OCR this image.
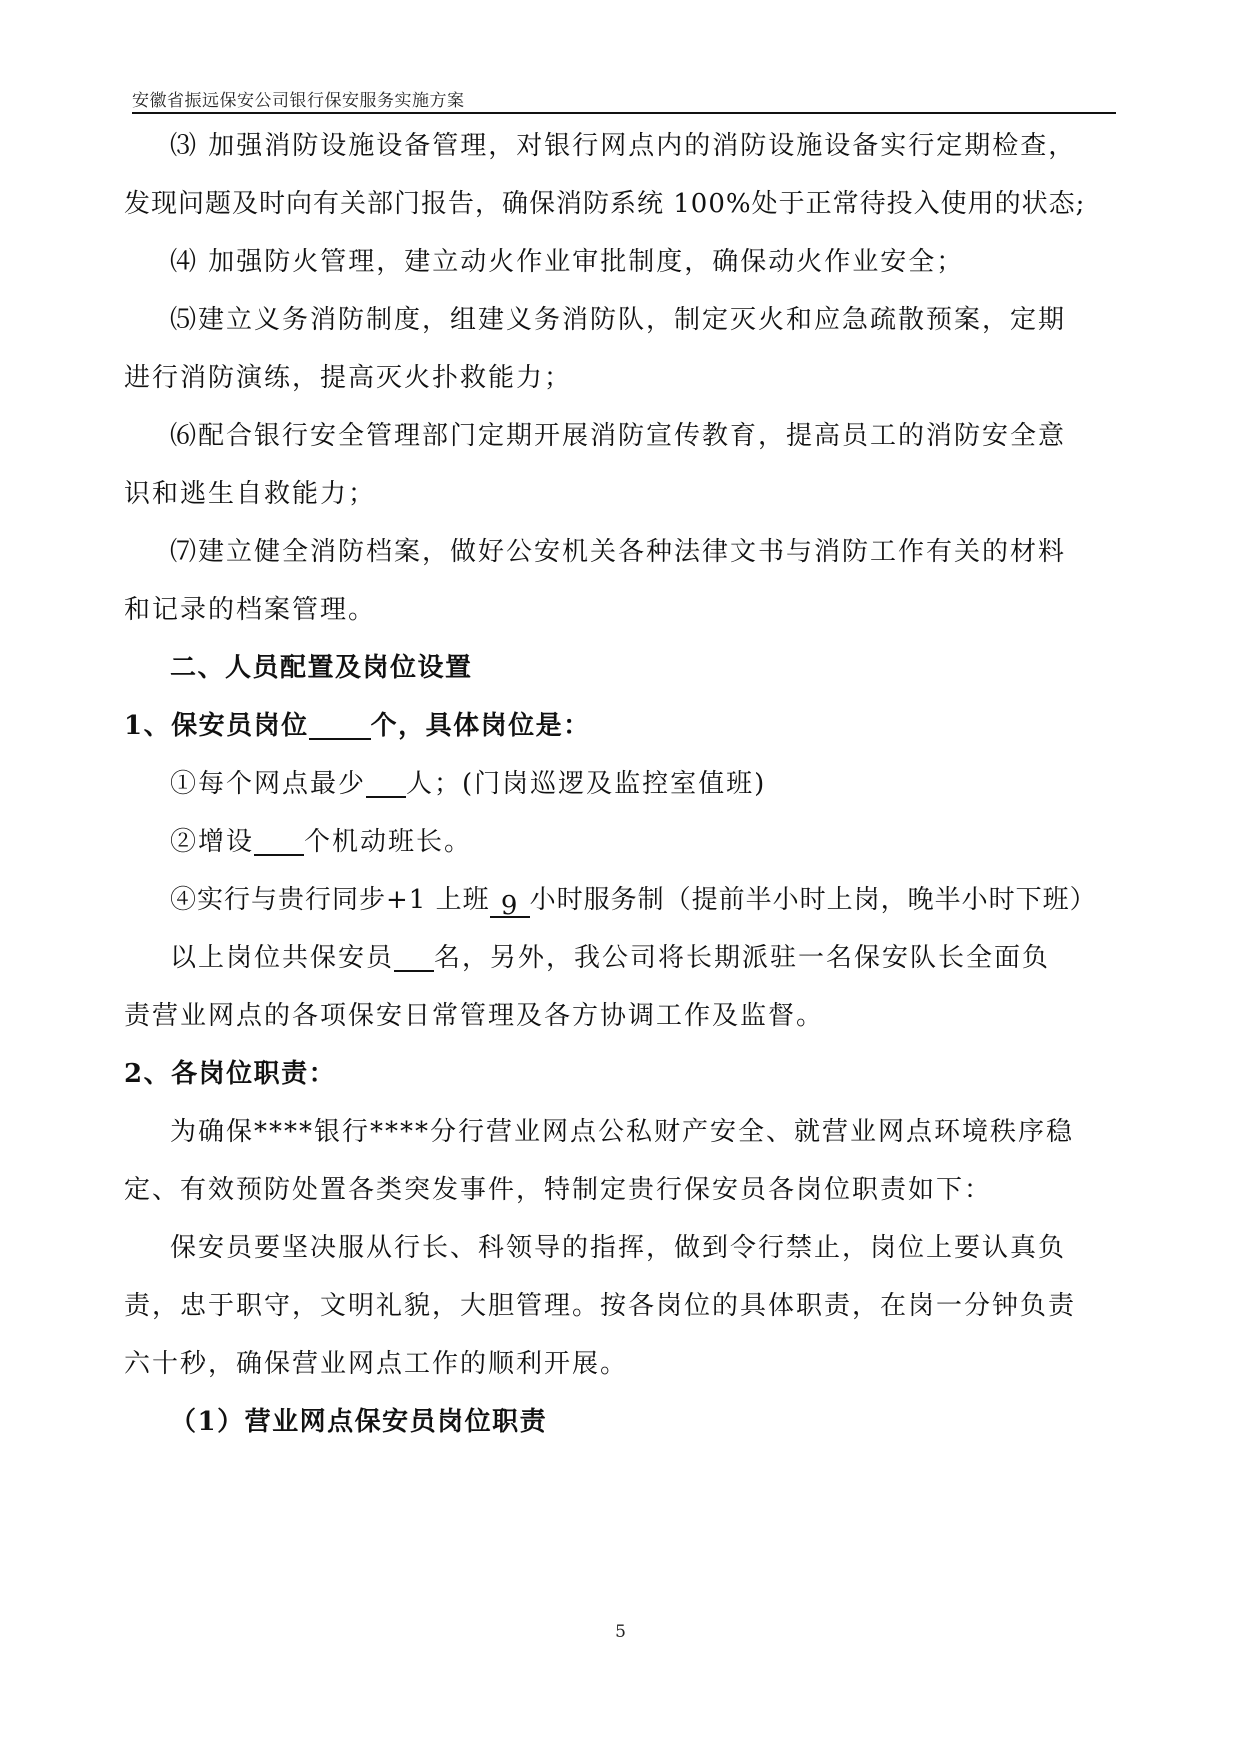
安徽省振远保安公司银行保安服务实施方案
⑶ 加强消防设施设备管理，对银行网点内的消防设施设备实行定期检查，
发现问题及时向有关部门报告，确保消防系统 100%处于正常待投入使用的状态;
⑷ 加强防火管理，建立动火作业审批制度，确保动火作业安全；
⑸建立义务消防制度，组建义务消防队，制定灭火和应急疏散预案，定期
进行消防演练，提高灭火扑救能力；
⑹配合银行安全管理部门定期开展消防宣传教育，提高员工的消防安全意
识和逃生自救能力；
⑺建立健全消防档案，做好公安机关各种法律文书与消防工作有关的材料
和记录的档案管理。
二、人员配置及岗位设置
1、保安员岗位 个，具体岗位是：
①每个网点最少 人；(门岗巡逻及监控室值班)
②增设 个机动班长。
④实行与贵行同步+1 上班 9 小时服务制（提前半小时上岗，晚半小时下班）
以上岗位共保安员 名，另外，我公司将长期派驻一名保安队长全面负
责营业网点的各项保安日常管理及各方协调工作及监督。
2、各岗位职责：
为确保****银行****分行营业网点公私财产安全、就营业网点环境秩序稳
定、有效预防处置各类突发事件，特制定贵行保安员各岗位职责如下：
保安员要坚决服从行长、科领导的指挥，做到令行禁止，岗位上要认真负
责，忠于职守，文明礼貌，大胆管理。按各岗位的具体职责，在岗一分钟负责
六十秒，确保营业网点工作的顺利开展。
（1）营业网点保安员岗位职责
5
